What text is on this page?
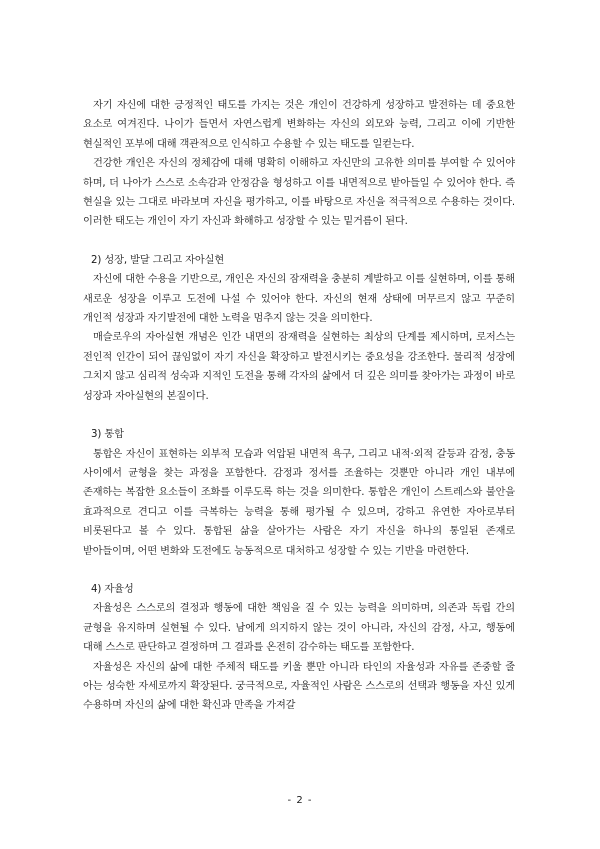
자기 자신에 대한 긍정적인 태도를 가지는 것은 개인이 건강하게 성장하고 발전하는 데 중요한 요소로 여겨진다. 나이가 들면서 자연스럽게 변화하는 자신의 외모와 능력, 그리고 이에 기반한 현실적인 포부에 대해 객관적으로 인식하고 수용할 수 있는 태도를 일컫는다.

건강한 개인은 자신의 정체감에 대해 명확히 이해하고 자신만의 고유한 의미를 부여할 수 있어야 하며, 더 나아가 스스로 소속감과 안정감을 형성하고 이를 내면적으로 받아들일 수 있어야 한다. 즉 현실을 있는 그대로 바라보며 자신을 평가하고, 이를 바탕으로 자신을 적극적으로 수용하는 것이다. 이러한 태도는 개인이 자기 자신과 화해하고 성장할 수 있는 밑거름이 된다.

2) 성장, 발달 그리고 자아실현

자신에 대한 수용을 기반으로, 개인은 자신의 잠재력을 충분히 계발하고 이를 실현하며, 이를 통해 새로운 성장을 이루고 도전에 나설 수 있어야 한다. 자신의 현재 상태에 머무르지 않고 꾸준히 개인적 성장과 자기발전에 대한 노력을 멈추지 않는 것을 의미한다.

매슬로우의 자아실현 개념은 인간 내면의 잠재력을 실현하는 최상의 단계를 제시하며, 로저스는 전인적 인간이 되어 끊임없이 자기 자신을 확장하고 발전시키는 중요성을 강조한다. 물리적 성장에 그치지 않고 심리적 성숙과 지적인 도전을 통해 각자의 삶에서 더 깊은 의미를 찾아가는 과정이 바로 성장과 자아실현의 본질이다.

3) 통합

통합은 자신이 표현하는 외부적 모습과 억압된 내면적 욕구, 그리고 내적·외적 갈등과 감정, 충동 사이에서 균형을 찾는 과정을 포함한다. 감정과 정서를 조율하는 것뿐만 아니라 개인 내부에 존재하는 복잡한 요소들이 조화를 이루도록 하는 것을 의미한다. 통합은 개인이 스트레스와 불안을 효과적으로 견디고 이를 극복하는 능력을 통해 평가될 수 있으며, 강하고 유연한 자아로부터 비롯된다고 볼 수 있다. 통합된 삶을 살아가는 사람은 자기 자신을 하나의 통일된 존재로 받아들이며, 어떤 변화와 도전에도 능동적으로 대처하고 성장할 수 있는 기반을 마련한다.

4) 자율성

자율성은 스스로의 결정과 행동에 대한 책임을 질 수 있는 능력을 의미하며, 의존과 독립 간의 균형을 유지하며 실현될 수 있다. 남에게 의지하지 않는 것이 아니라, 자신의 감정, 사고, 행동에 대해 스스로 판단하고 결정하며 그 결과를 온전히 감수하는 태도를 포함한다.

자율성은 자신의 삶에 대한 주체적 태도를 키울 뿐만 아니라 타인의 자율성과 자유를 존중할 줄 아는 성숙한 자세로까지 확장된다. 궁극적으로, 자율적인 사람은 스스로의 선택과 행동을 자신 있게 수용하며 자신의 삶에 대한 확신과 만족을 가져갈

- 2 -
